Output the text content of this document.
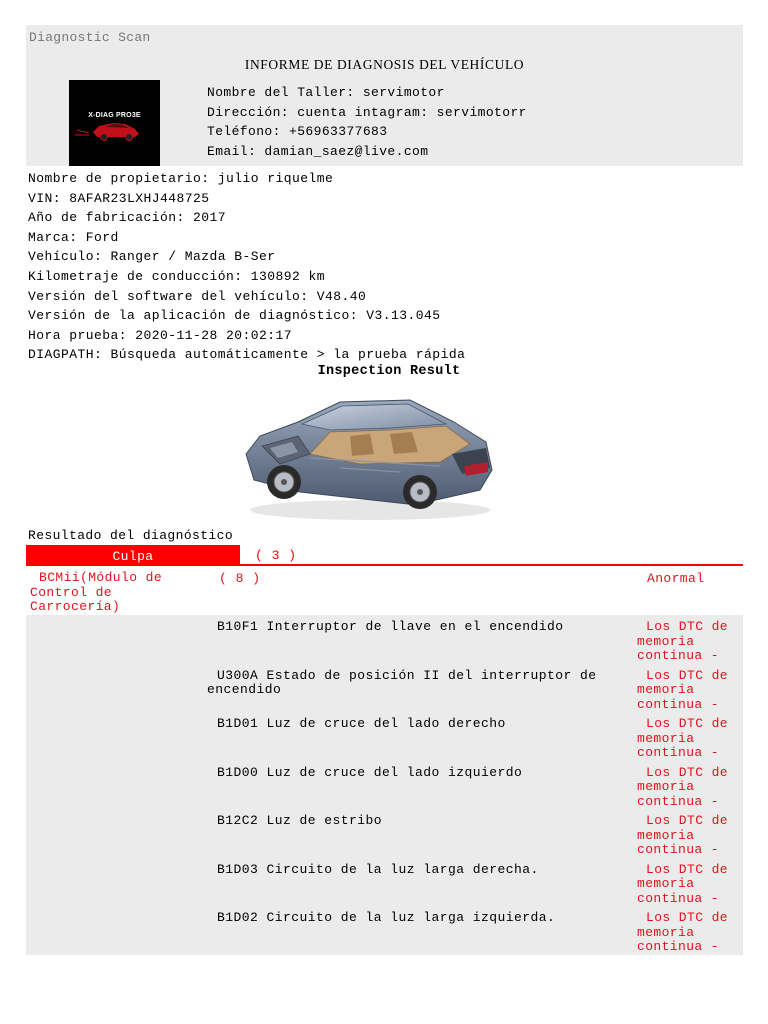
Diagnostic Scan
INFORME DE DIAGNOSIS DEL VEHÍCULO
X-DIAG PRO3E
Nombre del Taller: servimotor
Dirección: cuenta intagram: servimotorr
Teléfono: +56963377683
Email: damian_saez@live.com
Nombre de propietario: julio riquelme
VIN: 8AFAR23LXHJ448725
Año de fabricación: 2017
Marca: Ford
Vehículo: Ranger / Mazda B-Ser
Kilometraje de conducción: 130892 km
Versión del software del vehículo: V48.40
Versión de la aplicación de diagnóstico: V3.13.045
Hora prueba: 2020-11-28 20:02:17
DIAGPATH: Búsqueda automáticamente > la prueba rápida
Inspection Result
Resultado del diagnóstico
Culpa	( 3 )
BCMii(Módulo de
Control de
Carrocería)
( 8 )	Anormal
B10F1 Interruptor de llave en el encendido	Los DTC de
memoria
continua -
U300A Estado de posición II del interruptor de encendido
Los DTC de
memoria
continua -
B1D01 Luz de cruce del lado derecho	Los DTC de
memoria
continua -
B1D00 Luz de cruce del lado izquierdo	Los DTC de
memoria
continua -
B12C2 Luz de estribo	Los DTC de
memoria
continua -
B1D03 Circuito de la luz larga derecha.	Los DTC de
memoria
continua -
B1D02 Circuito de la luz larga izquierda.	Los DTC de
memoria
continua -
